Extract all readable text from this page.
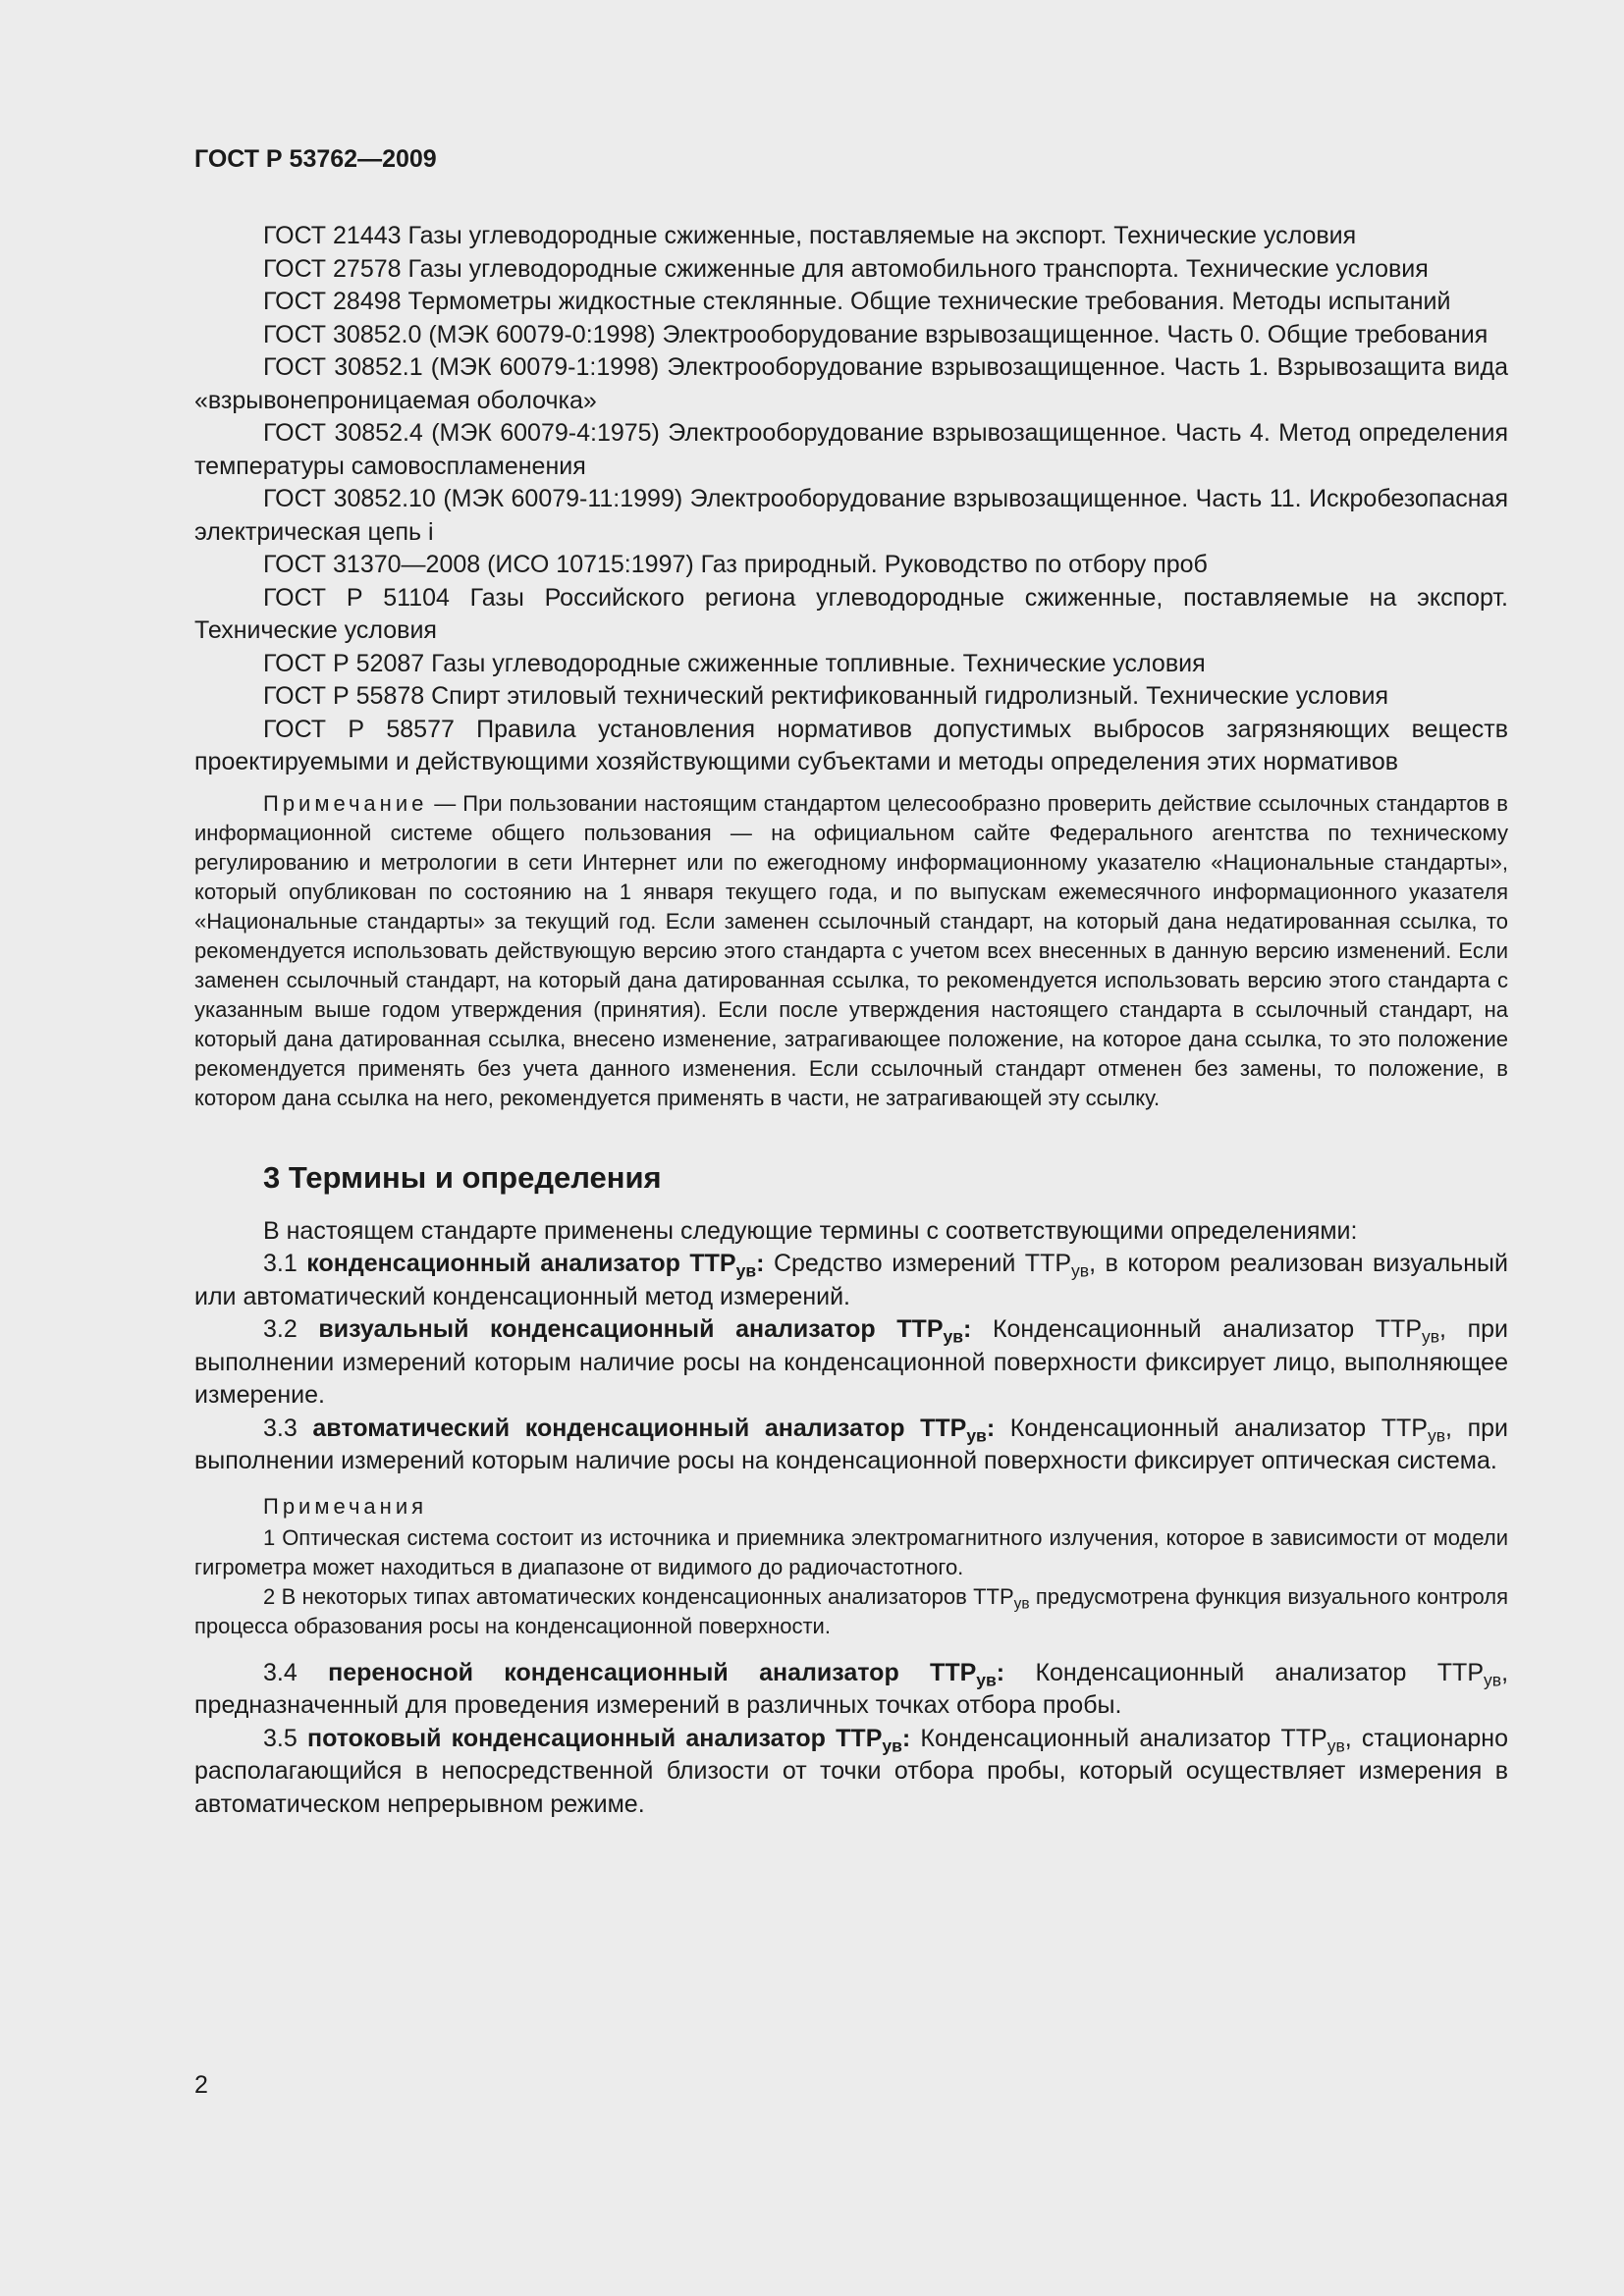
ГОСТ Р 53762—2009

ГОСТ 21443 Газы углеводородные сжиженные, поставляемые на экспорт. Технические условия

ГОСТ 27578 Газы углеводородные сжиженные для автомобильного транспорта. Технические условия

ГОСТ 28498 Термометры жидкостные стеклянные. Общие технические требования. Методы испытаний

ГОСТ 30852.0 (МЭК 60079-0:1998) Электрооборудование взрывозащищенное. Часть 0. Общие требования

ГОСТ 30852.1 (МЭК 60079-1:1998) Электрооборудование взрывозащищенное. Часть 1. Взрывозащита вида «взрывонепроницаемая оболочка»

ГОСТ 30852.4 (МЭК 60079-4:1975) Электрооборудование взрывозащищенное. Часть 4. Метод определения температуры самовоспламенения

ГОСТ 30852.10 (МЭК 60079-11:1999) Электрооборудование взрывозащищенное. Часть 11. Искробезопасная электрическая цепь i

ГОСТ 31370—2008 (ИСО 10715:1997) Газ природный. Руководство по отбору проб

ГОСТ Р 51104 Газы Российского региона углеводородные сжиженные, поставляемые на экспорт. Технические условия

ГОСТ Р 52087 Газы углеводородные сжиженные топливные. Технические условия

ГОСТ Р 55878 Спирт этиловый технический ректификованный гидролизный. Технические условия

ГОСТ Р 58577 Правила установления нормативов допустимых выбросов загрязняющих веществ проектируемыми и действующими хозяйствующими субъектами и методы определения этих нормативов

Примечание — При пользовании настоящим стандартом целесообразно проверить действие ссылочных стандартов в информационной системе общего пользования — на официальном сайте Федерального агентства по техническому регулированию и метрологии в сети Интернет или по ежегодному информационному указателю «Национальные стандарты», который опубликован по состоянию на 1 января текущего года, и по выпускам ежемесячного информационного указателя «Национальные стандарты» за текущий год. Если заменен ссылочный стандарт, на который дана недатированная ссылка, то рекомендуется использовать действующую версию этого стандарта с учетом всех внесенных в данную версию изменений. Если заменен ссылочный стандарт, на который дана датированная ссылка, то рекомендуется использовать версию этого стандарта с указанным выше годом утверждения (принятия). Если после утверждения настоящего стандарта в ссылочный стандарт, на который дана датированная ссылка, внесено изменение, затрагивающее положение, на которое дана ссылка, то это положение рекомендуется применять без учета данного изменения. Если ссылочный стандарт отменен без замены, то положение, в котором дана ссылка на него, рекомендуется применять в части, не затрагивающей эту ссылку.

3 Термины и определения

В настоящем стандарте применены следующие термины с соответствующими определениями:

3.1 конденсационный анализатор $ТТР_{ув}$: Средство измерений $ТТР_{ув}$, в котором реализован визуальный или автоматический конденсационный метод измерений.

3.2 визуальный конденсационный анализатор $ТТР_{ув}$: Конденсационный анализатор $ТТР_{ув}$, при выполнении измерений которым наличие росы на конденсационной поверхности фиксирует лицо, выполняющее измерение.

3.3 автоматический конденсационный анализатор $ТТР_{ув}$: Конденсационный анализатор $ТТР_{ув}$, при выполнении измерений которым наличие росы на конденсационной поверхности фиксирует оптическая система.

Примечания

1 Оптическая система состоит из источника и приемника электромагнитного излучения, которое в зависимости от модели гигрометра может находиться в диапазоне от видимого до радиочастотного.

2 В некоторых типах автоматических конденсационных анализаторов $ТТР_{ув}$ предусмотрена функция визуального контроля процесса образования росы на конденсационной поверхности.

3.4 переносной конденсационный анализатор $ТТР_{ув}$: Конденсационный анализатор $ТТР_{ув}$, предназначенный для проведения измерений в различных точках отбора пробы.

3.5 потоковый конденсационный анализатор $ТТР_{ув}$: Конденсационный анализатор $ТТР_{ув}$, стационарно располагающийся в непосредственной близости от точки отбора пробы, который осуществляет измерения в автоматическом непрерывном режиме.

2
